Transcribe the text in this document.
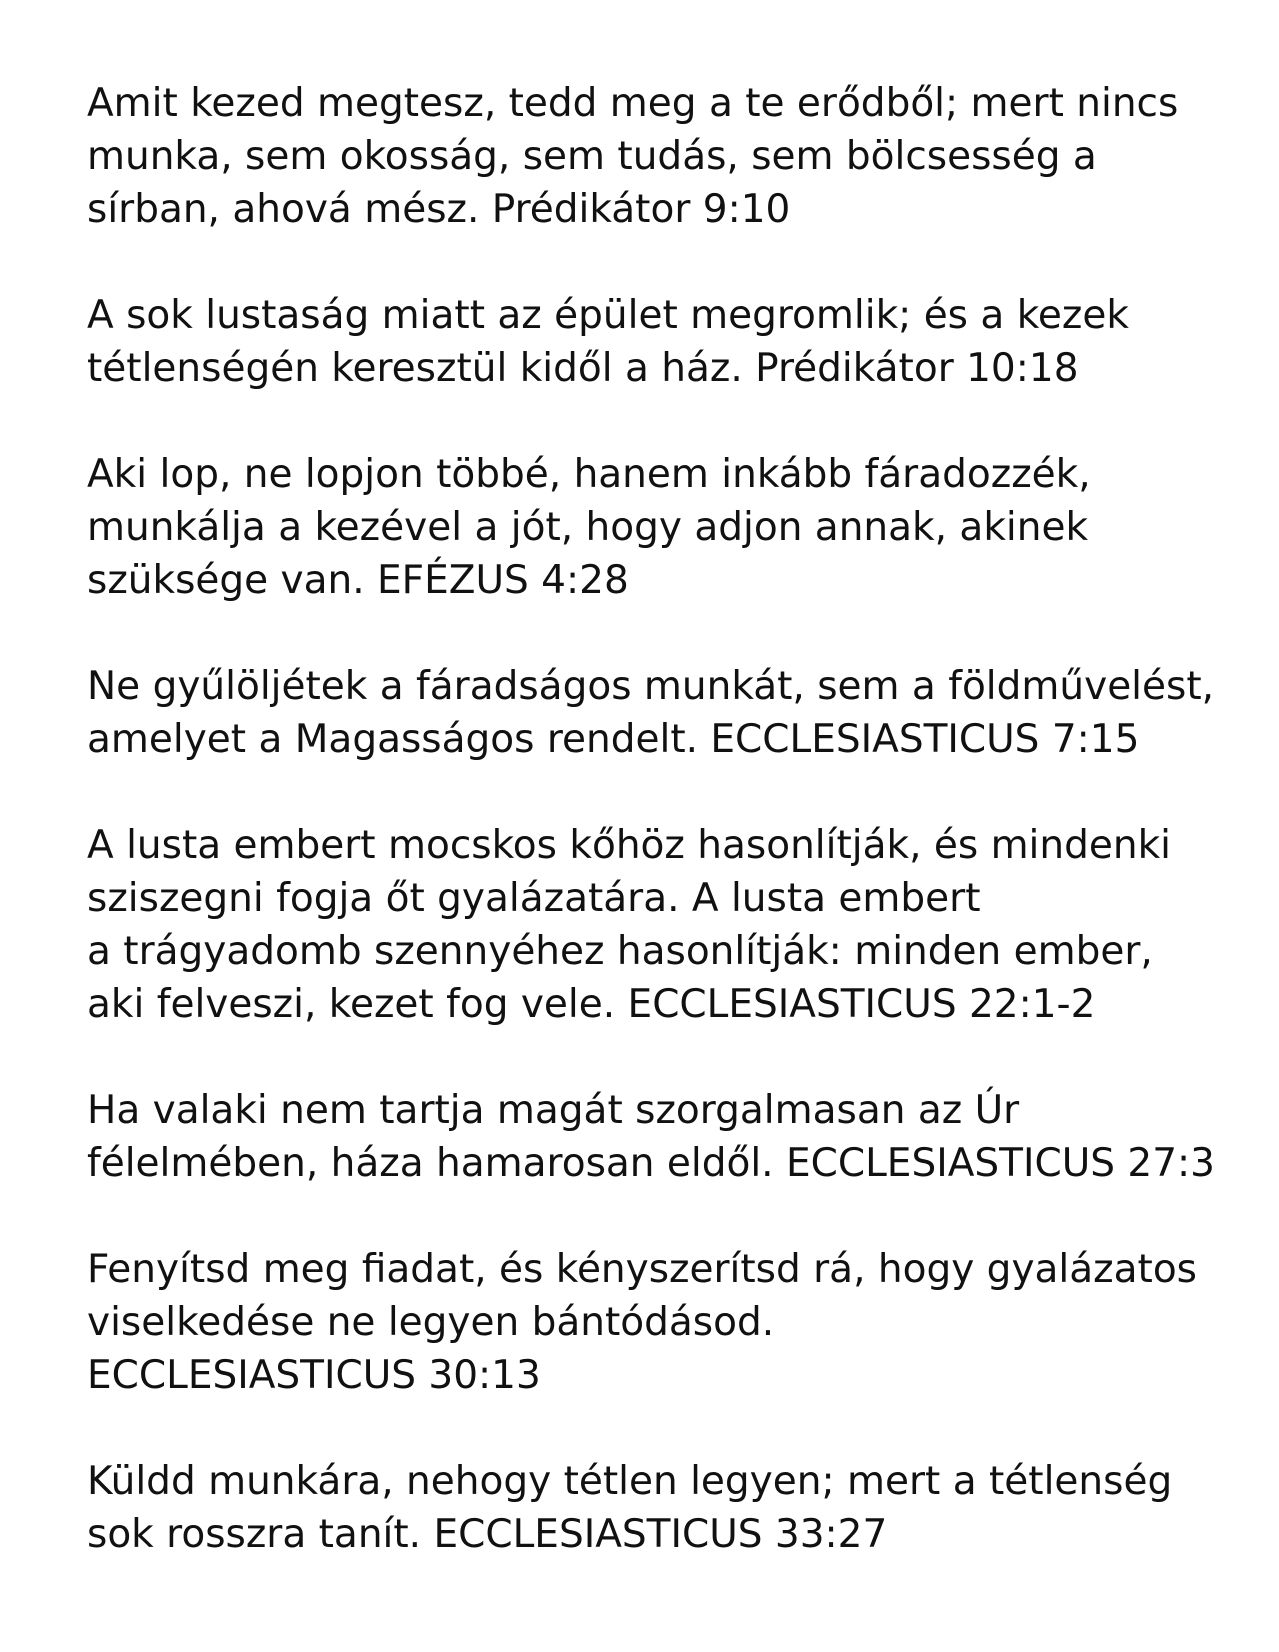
Amit kezed megtesz, tedd meg a te erődből; mert nincs
munka, sem okosság, sem tudás, sem bölcsesség a
sírban, ahová mész. Prédikátor 9:10

A sok lustaság miatt az épület megromlik; és a kezek
tétlenségén keresztül kidől a ház. Prédikátor 10:18

Aki lop, ne lopjon többé, hanem inkább fáradozzék,
munkálja a kezével a jót, hogy adjon annak, akinek
szüksége van. EFÉZUS 4:28

Ne gyűlöljétek a fáradságos munkát, sem a földművelést,
amelyet a Magasságos rendelt. ECCLESIASTICUS 7:15

A lusta embert mocskos kőhöz hasonlítják, és mindenki
sziszegni fogja őt gyalázatára. A lusta embert
a trágyadomb szennyéhez hasonlítják: minden ember,
aki felveszi, kezet fog vele. ECCLESIASTICUS 22:1-2

Ha valaki nem tartja magát szorgalmasan az Úr
félelmében, háza hamarosan eldől. ECCLESIASTICUS 27:3

Fenyítsd meg fiadat, és kényszerítsd rá, hogy gyalázatos
viselkedése ne legyen bántódásod.
ECCLESIASTICUS 30:13

Küldd munkára, nehogy tétlen legyen; mert a tétlenség
sok rosszra tanít. ECCLESIASTICUS 33:27
